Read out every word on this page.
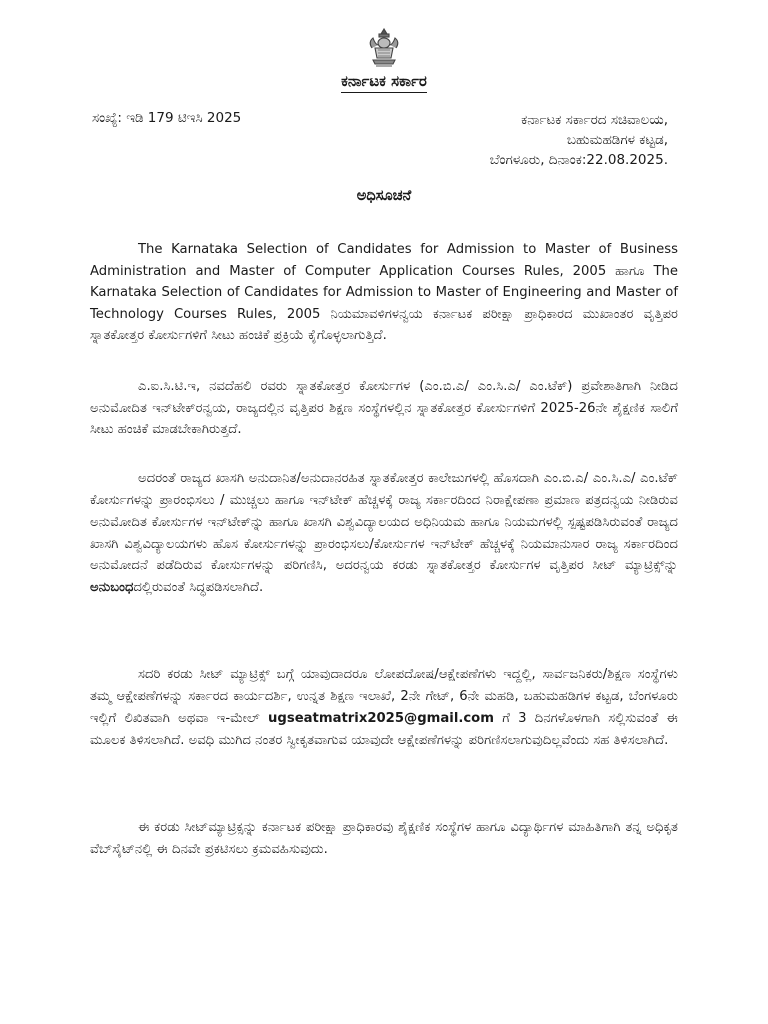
ಕರ್ನಾಟಕ ಸರ್ಕಾರ
ಸಂಖ್ಯೆ: ಇಡಿ 179 ಟಿಇಸಿ 2025	ಕರ್ನಾಟಕ ಸರ್ಕಾರದ ಸಚಿವಾಲಯ,
ಬಹುಮಹಡಿಗಳ ಕಟ್ಟಡ,
ಬೆಂಗಳೂರು, ದಿನಾಂಕ:22.08.2025.
ಅಧಿಸೂಚನೆ

The Karnataka Selection of Candidates for Admission to Master of Business Administration and Master of Computer Application Courses Rules, 2005 ಹಾಗೂ The Karnataka Selection of Candidates for Admission to Master of Engineering and Master of Technology Courses Rules, 2005 ನಿಯಮಾವಳಿಗಳನ್ವಯ ಕರ್ನಾಟಕ ಪರೀಕ್ಷಾ ಪ್ರಾಧಿಕಾರದ ಮುಖಾಂತರ ವೃತ್ತಿಪರ ಸ್ನಾತಕೋತ್ತರ ಕೋರ್ಸುಗಳಿಗೆ ಸೀಟು ಹಂಚಿಕೆ ಪ್ರಕ್ರಿಯೆ ಕೈಗೊಳ್ಳಲಾಗುತ್ತಿದೆ.

ಎ.ಐ.ಸಿ.ಟಿ.ಇ, ನವದೆಹಲಿ ರವರು ಸ್ನಾತಕೋತ್ತರ ಕೋರ್ಸುಗಳ (ಎಂ.ಬಿ.ಎ/ ಎಂ.ಸಿ.ಎ/ ಎಂ.ಟೆಕ್) ಪ್ರವೇಶಾತಿಗಾಗಿ ನೀಡಿದ ಅನುಮೋದಿತ ಇನ್‌ಟೇಕ್‌ರನ್ವಯ, ರಾಜ್ಯದಲ್ಲಿನ ವೃತ್ತಿಪರ ಶಿಕ್ಷಣ ಸಂಸ್ಥೆಗಳಲ್ಲಿನ ಸ್ನಾತಕೋತ್ತರ ಕೋರ್ಸುಗಳಿಗೆ 2025-26ನೇ ಶೈಕ್ಷಣಿಕ ಸಾಲಿಗೆ ಸೀಟು ಹಂಚಿಕೆ ಮಾಡಬೇಕಾಗಿರುತ್ತದೆ.

ಅದರಂತೆ ರಾಜ್ಯದ ಖಾಸಗಿ ಅನುದಾನಿತ/ಅನುದಾನರಹಿತ ಸ್ನಾತಕೋತ್ತರ ಕಾಲೇಜುಗಳಲ್ಲಿ ಹೊಸದಾಗಿ ಎಂ.ಬಿ.ಎ/ ಎಂ.ಸಿ.ಎ/ ಎಂ.ಟೆಕ್ ಕೋರ್ಸುಗಳನ್ನು ಪ್ರಾರಂಭಿಸಲು / ಮುಚ್ಚಲು ಹಾಗೂ ಇನ್‌ಟೇಕ್ ಹೆಚ್ಚಳಕ್ಕೆ ರಾಜ್ಯ ಸರ್ಕಾರದಿಂದ ನಿರಾಕ್ಷೇಪಣಾ ಪ್ರಮಾಣ ಪತ್ರದನ್ವಯ ನೀಡಿರುವ ಅನುಮೋದಿತ ಕೋರ್ಸುಗಳ ಇನ್‌ಟೇಕ್‌ನ್ನು ಹಾಗೂ ಖಾಸಗಿ ವಿಶ್ವವಿದ್ಯಾಲಯದ ಅಧಿನಿಯಮ ಹಾಗೂ ನಿಯಮಗಳಲ್ಲಿ ಸ್ಪಷ್ಟಪಡಿಸಿರುವಂತೆ ರಾಜ್ಯದ ಖಾಸಗಿ ವಿಶ್ವವಿದ್ಯಾಲಯಗಳು ಹೊಸ ಕೋರ್ಸುಗಳನ್ನು ಪ್ರಾರಂಭಿಸಲು/ಕೋರ್ಸುಗಳ ಇನ್‌ಟೇಕ್ ಹೆಚ್ಚಳಕ್ಕೆ ನಿಯಮಾನುಸಾರ ರಾಜ್ಯ ಸರ್ಕಾರದಿಂದ ಅನುಮೋದನೆ ಪಡೆದಿರುವ ಕೋರ್ಸುಗಳನ್ನು ಪರಿಗಣಿಸಿ, ಅದರನ್ವಯ ಕರಡು ಸ್ನಾತಕೋತ್ತರ ಕೋರ್ಸುಗಳ ವೃತ್ತಿಪರ ಸೀಟ್ ಮ್ಯಾಟ್ರಿಕ್ಸ್‌ನ್ನು ಅನುಬಂಧದಲ್ಲಿರುವಂತೆ ಸಿದ್ಧಪಡಿಸಲಾಗಿದೆ.

ಸದರಿ ಕರಡು ಸೀಟ್ ಮ್ಯಾಟ್ರಿಕ್ಸ್ ಬಗ್ಗೆ ಯಾವುದಾದರೂ ಲೋಪದೋಷ/ಆಕ್ಷೇಪಣೆಗಳು ಇದ್ದಲ್ಲಿ, ಸಾರ್ವಜನಿಕರು/ಶಿಕ್ಷಣ ಸಂಸ್ಥೆಗಳು ತಮ್ಮ ಆಕ್ಷೇಪಣೆಗಳನ್ನು ಸರ್ಕಾರದ ಕಾರ್ಯದರ್ಶಿ, ಉನ್ನತ ಶಿಕ್ಷಣ ಇಲಾಖೆ, 2ನೇ ಗೇಟ್, 6ನೇ ಮಹಡಿ, ಬಹುಮಹಡಿಗಳ ಕಟ್ಟಡ, ಬೆಂಗಳೂರು ಇಲ್ಲಿಗೆ ಲಿಖಿತವಾಗಿ ಅಥವಾ ಇ-ಮೇಲ್ ugseatmatrix2025@gmail.com ಗೆ 3 ದಿನಗಳೊಳಗಾಗಿ ಸಲ್ಲಿಸುವಂತೆ ಈ ಮೂಲಕ ತಿಳಿಸಲಾಗಿದೆ. ಅವಧಿ ಮುಗಿದ ನಂತರ ಸ್ವೀಕೃತವಾಗುವ ಯಾವುದೇ ಆಕ್ಷೇಪಣೆಗಳನ್ನು ಪರಿಗಣಿಸಲಾಗುವುದಿಲ್ಲವೆಂದು ಸಹ ತಿಳಿಸಲಾಗಿದೆ.

ಈ ಕರಡು ಸೀಟ್‌ಮ್ಯಾಟ್ರಿಕ್ಸನ್ನು ಕರ್ನಾಟಕ ಪರೀಕ್ಷಾ ಪ್ರಾಧಿಕಾರವು ಶೈಕ್ಷಣಿಕ ಸಂಸ್ಥೆಗಳ ಹಾಗೂ ವಿದ್ಯಾರ್ಥಿಗಳ ಮಾಹಿತಿಗಾಗಿ ತನ್ನ ಅಧಿಕೃತ ವೆಬ್‌ಸೈಟ್‌ನಲ್ಲಿ ಈ ದಿನವೇ ಪ್ರಕಟಿಸಲು ಕ್ರಮವಹಿಸುವುದು.
